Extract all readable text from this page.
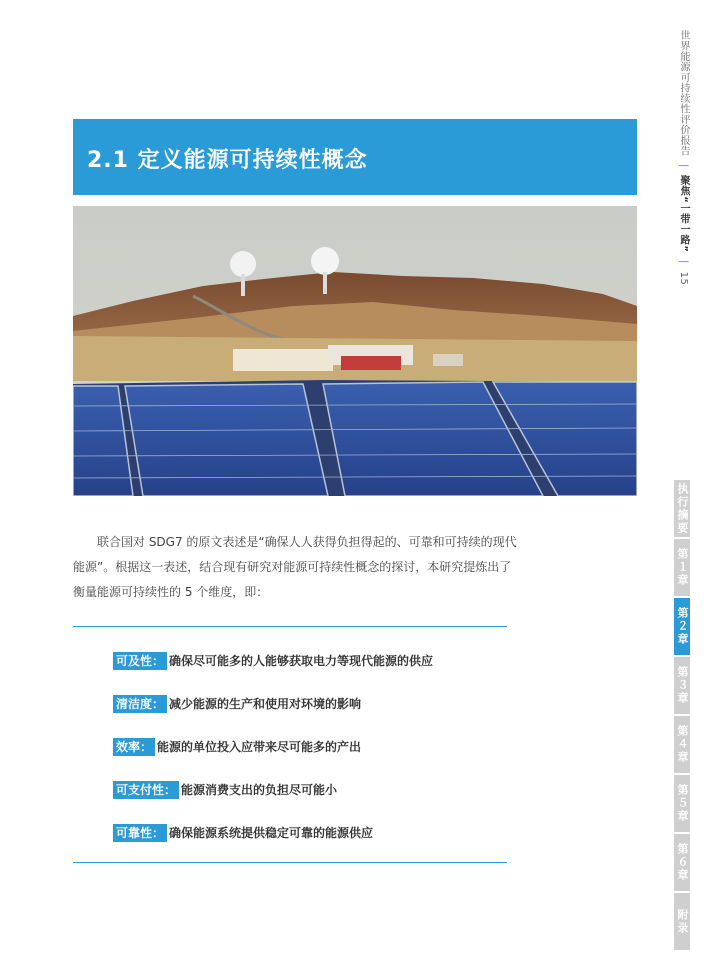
世界能源可持续性评价报告 | 聚焦“一带一路” | 15
2.1 定义能源可持续性概念

联合国对 SDG7 的原文表述是“确保人人获得负担得起的、可靠和可持续的现代能源”。根据这一表述，结合现有研究对能源可持续性概念的探讨，本研究提炼出了衡量能源可持续性的 5 个维度，即：

可及性： 确保尽可能多的人能够获取电力等现代能源的供应
清洁度： 减少能源的生产和使用对环境的影响
效率： 能源的单位投入应带来尽可能多的产出
可支付性： 能源消费支出的负担尽可能小
可靠性： 确保能源系统提供稳定可靠的能源供应
执行摘要
第１章
第２章
第３章
第４章
第５章
第６章
附录
